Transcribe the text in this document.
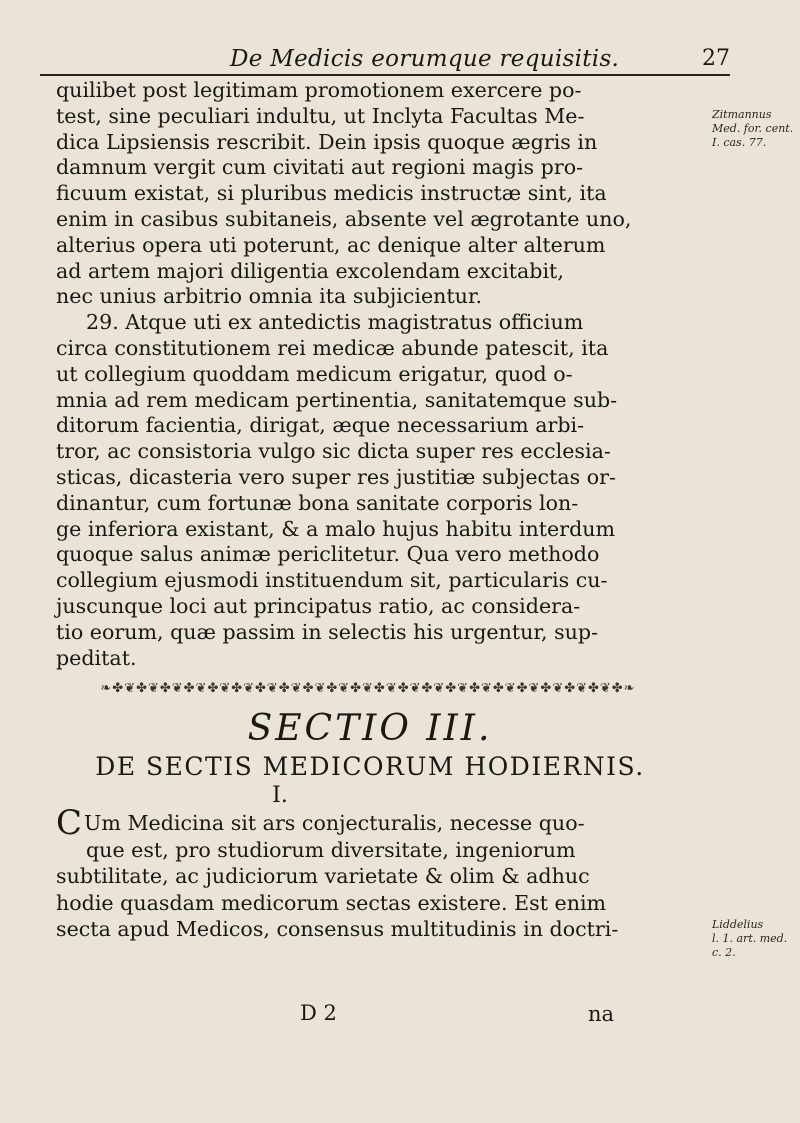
De Medicis eorumque requisitis.	27
quilibet post legitimam promotionem exercere po-
test, sine peculiari indultu, ut Inclyta Facultas Me-
dica Lipsiensis rescribit. Dein ipsis quoque ægris in
damnum vergit cum civitati aut regioni magis pro-
ficuum existat, si pluribus medicis instructæ sint, ita
enim in casibus subitaneis, absente vel ægrotante uno,
alterius opera uti poterunt, ac denique alter alterum
ad artem majori diligentia excolendam excitabit,
nec unius arbitrio omnia ita subjicientur.
29. Atque uti ex antedictis magistratus officium
circa constitutionem rei medicæ abunde patescit, ita
ut collegium quoddam medicum erigatur, quod o-
mnia ad rem medicam pertinentia, sanitatemque sub-
ditorum facientia, dirigat, æque necessarium arbi-
tror, ac consistoria vulgo sic dicta super res ecclesia-
sticas, dicasteria vero super res justitiæ subjectas or-
dinantur, cum fortunæ bona sanitate corporis lon-
ge inferiora existant, & a malo hujus habitu interdum
quoque salus animæ periclitetur. Qua vero methodo
collegium ejusmodi instituendum sit, particularis cu-
juscunque loci aut principatus ratio, ac considera-
tio eorum, quæ passim in selectis his urgentur, sup-
peditat.
Zitmannus
Med. for. cent.
I. cas. 77.
❧✤❦✤❦✤❦✤❦✤❦✤❦✤❦✤❦✤❦✤❦✤❦✤❦✤❦✤❦✤❦✤❦✤❦✤❦✤❦✤❦✤❦✤❧
SECTIO III.
DE SECTIS MEDICORUM HODIERNIS.
I.
CUm Medicina sit ars conjecturalis, necesse quo-
que est, pro studiorum diversitate, ingeniorum
subtilitate, ac judiciorum varietate & olim & adhuc
hodie quasdam medicorum sectas existere. Est enim
secta apud Medicos, consensus multitudinis in doctri-	Liddelius
l. 1. art. med.
c. 2.
D 2	na
